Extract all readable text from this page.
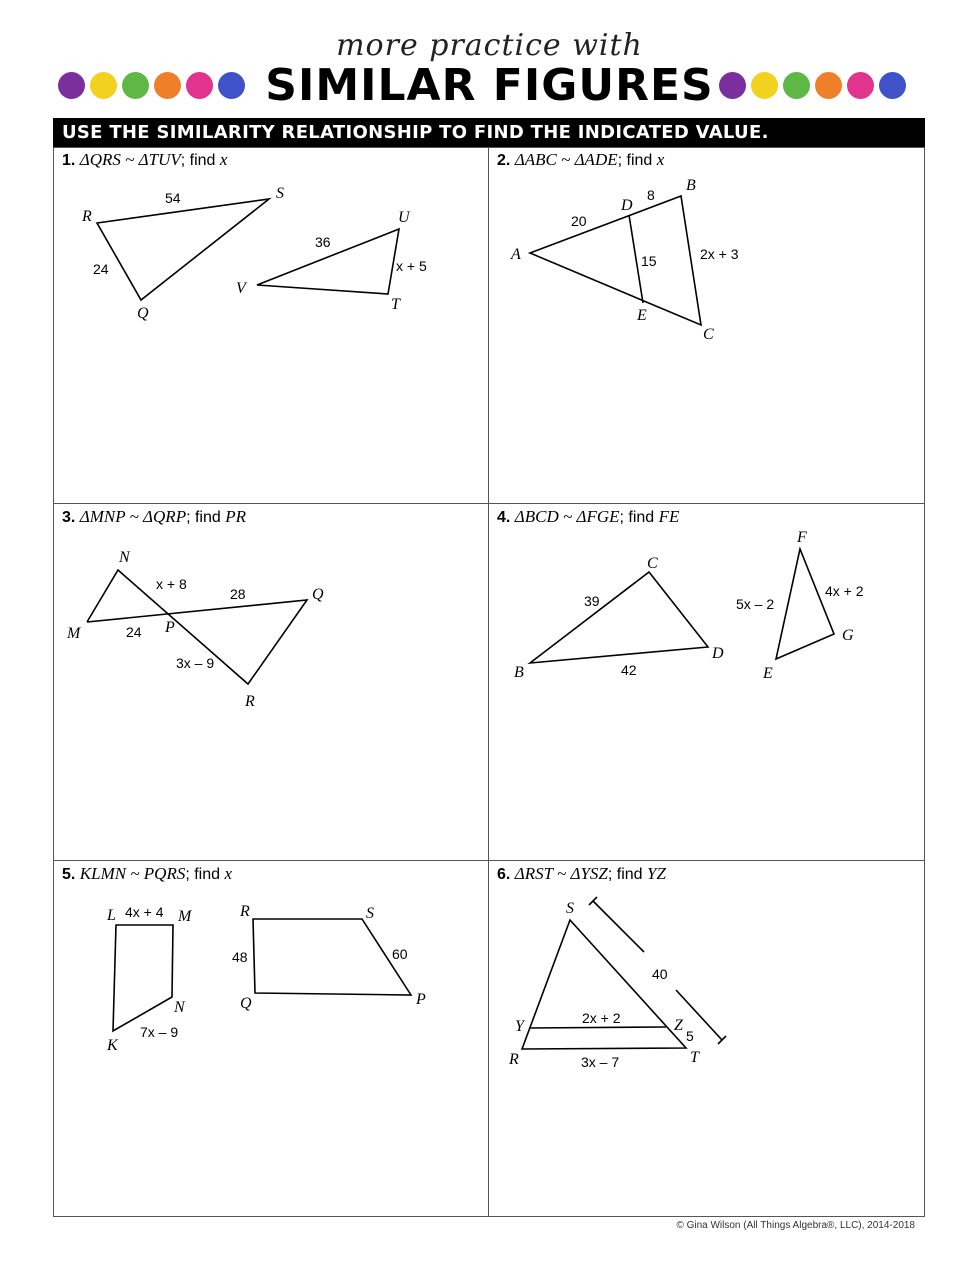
more practice with
SIMILAR FIGURES
USE THE SIMILARITY RELATIONSHIP TO FIND THE INDICATED VALUE.
1. ΔQRS ~ ΔTUV; find x	2. ΔABC ~ ΔADE; find x
3. ΔMNP ~ ΔQRP; find PR	4. ΔBCD ~ ΔFGE; find FE
5. KLMN ~ PQRS; find x	6. ΔRST ~ ΔYSZ; find YZ
R
S
Q
U
V
T
54
24
36
x + 5
A
B
C
D
E
20
8
15	2x + 3
N
M	P
Q
R
x + 8
28
24
3x – 9
C
B
D
F
G
E
39
42
5x – 2
4x + 2
L	M
N
K
R	S
Q	P
4x + 4
7x – 9
48	60
S
Y	Z
R	T
2x + 2
3x – 7
40
5
© Gina Wilson (All Things Algebra®, LLC), 2014-2018
